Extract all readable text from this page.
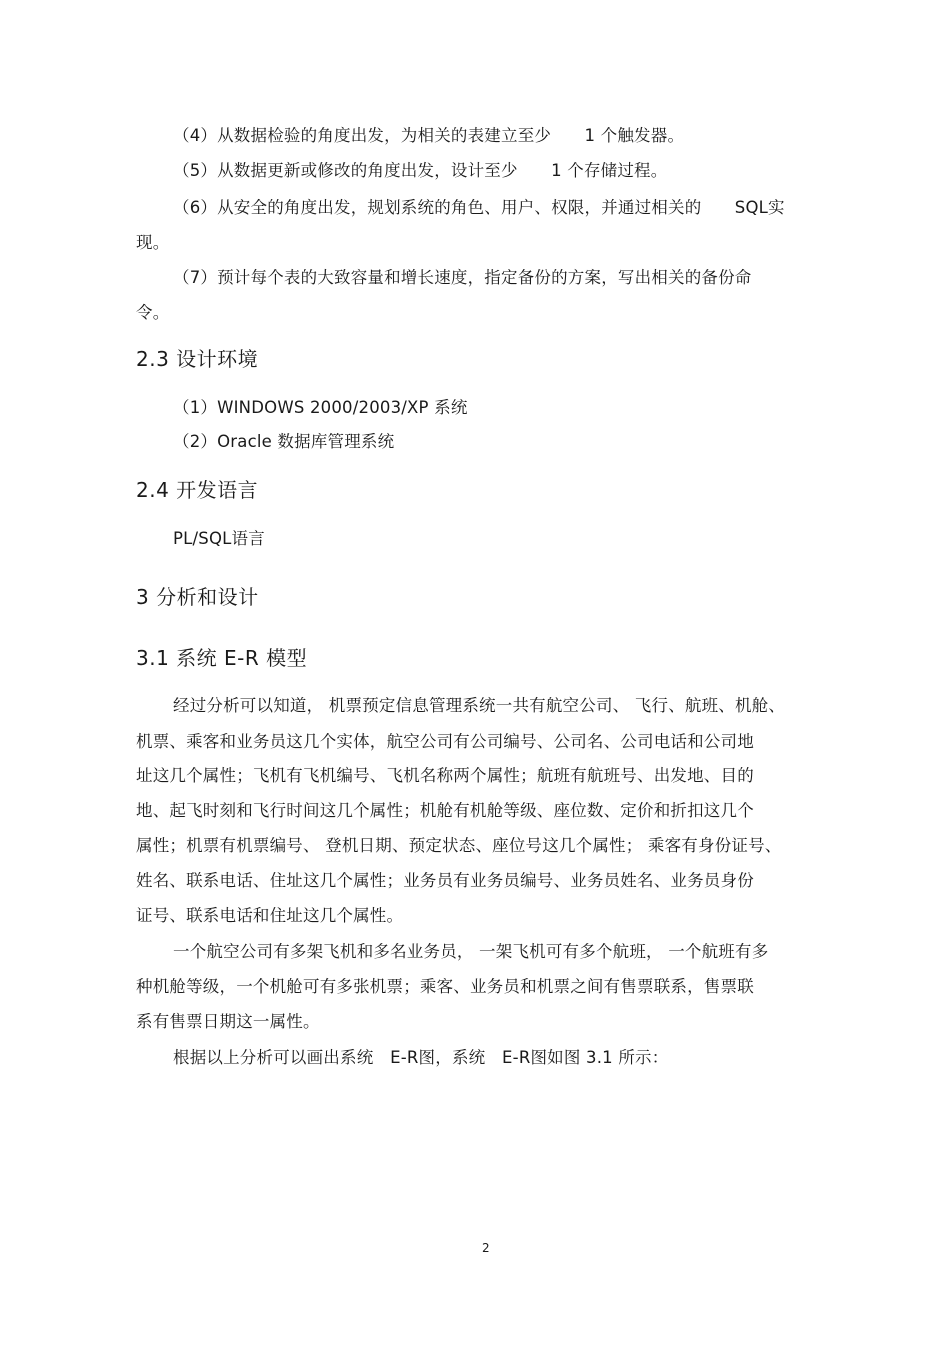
（4）从数据检验的角度出发，为相关的表建立至少　　1 个触发器。
（5）从数据更新或修改的角度出发，设计至少　　1 个存储过程。
（6）从安全的角度出发，规划系统的角色、用户、权限，并通过相关的　　SQL实
现。
（7）预计每个表的大致容量和增长速度，指定备份的方案，写出相关的备份命
令。
2.3 设计环境
（1）WINDOWS 2000/2003/XP 系统
（2）Oracle 数据库管理系统
2.4 开发语言
PL/SQL语言
3 分析和设计
3.1 系统 E-R 模型
经过分析可以知道， 机票预定信息管理系统一共有航空公司、 飞行、航班、机舱、
机票、乘客和业务员这几个实体，航空公司有公司编号、公司名、公司电话和公司地
址这几个属性；飞机有飞机编号、飞机名称两个属性；航班有航班号、出发地、目的
地、起飞时刻和飞行时间这几个属性；机舱有机舱等级、座位数、定价和折扣这几个
属性；机票有机票编号、 登机日期、预定状态、座位号这几个属性； 乘客有身份证号、
姓名、联系电话、住址这几个属性；业务员有业务员编号、业务员姓名、业务员身份
证号、联系电话和住址这几个属性。
一个航空公司有多架飞机和多名业务员， 一架飞机可有多个航班， 一个航班有多
种机舱等级，一个机舱可有多张机票；乘客、业务员和机票之间有售票联系，售票联
系有售票日期这一属性。
根据以上分析可以画出系统　E-R图，系统　E-R图如图 3.1 所示：
2
